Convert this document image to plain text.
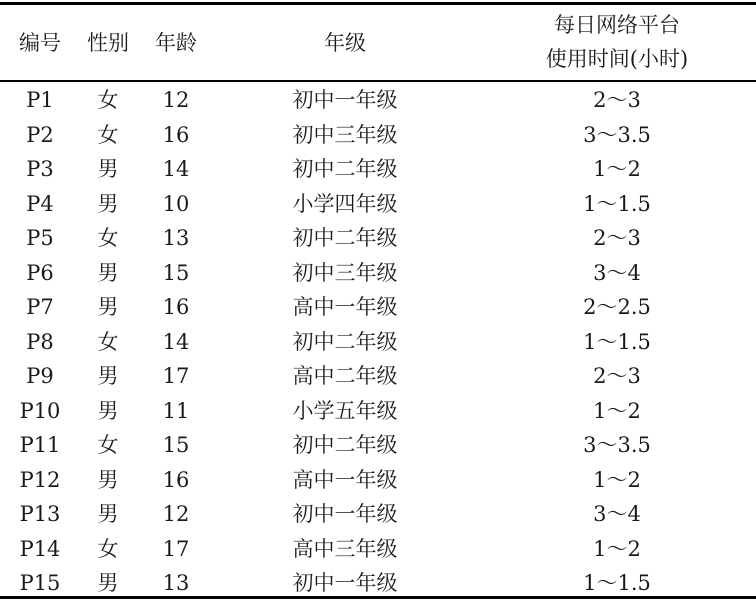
编号 性别 年龄	年级
每日网络平台
使用时间(小时)
P1 女 12	初中一年级	2～3
P2 女 16	初中三年级	3～3.5
P3 男 14	初中二年级	1～2
P4 男 10	小学四年级	1～1.5
P5 女 13	初中二年级	2～3
P6 男 15	初中三年级	3～4
P7 男 16	高中一年级	2～2.5
P8 女 14	初中二年级	1～1.5
P9 男 17	高中二年级	2～3
P10 男 11	小学五年级	1～2
P11 女 15	初中二年级	3～3.5
P12 男 16	高中一年级	1～2
P13 男 12	初中一年级	3～4
P14 女 17	高中三年级	1～2
P15 男 13	初中一年级	1～1.5
